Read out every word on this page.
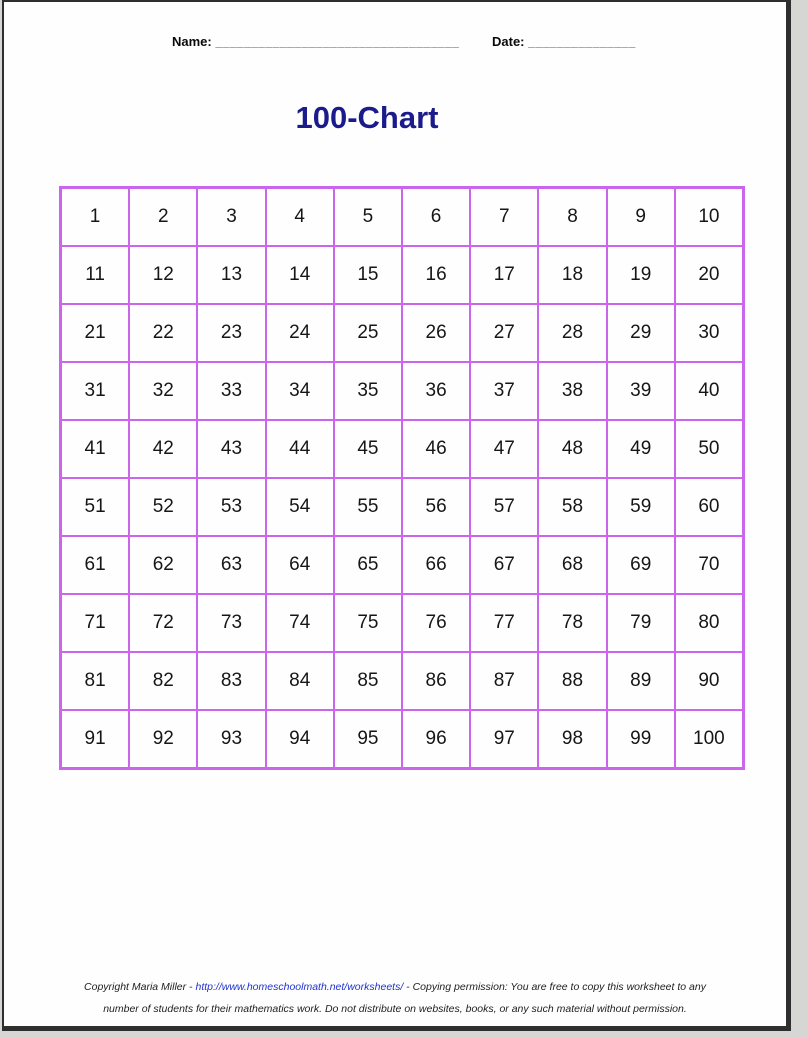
Name: __________________________________	Date: _______________
100-Chart
1	2	3	4	5	6	7	8	9	10
11	12	13	14	15	16	17	18	19	20
21	22	23	24	25	26	27	28	29	30
31	32	33	34	35	36	37	38	39	40
41	42	43	44	45	46	47	48	49	50
51	52	53	54	55	56	57	58	59	60
61	62	63	64	65	66	67	68	69	70
71	72	73	74	75	76	77	78	79	80
81	82	83	84	85	86	87	88	89	90
91	92	93	94	95	96	97	98	99	100
Copyright Maria Miller - http://www.homeschoolmath.net/worksheets/ - Copying permission: You are free to copy this worksheet to any
number of students for their mathematics work. Do not distribute on websites, books, or any such material without permission.
